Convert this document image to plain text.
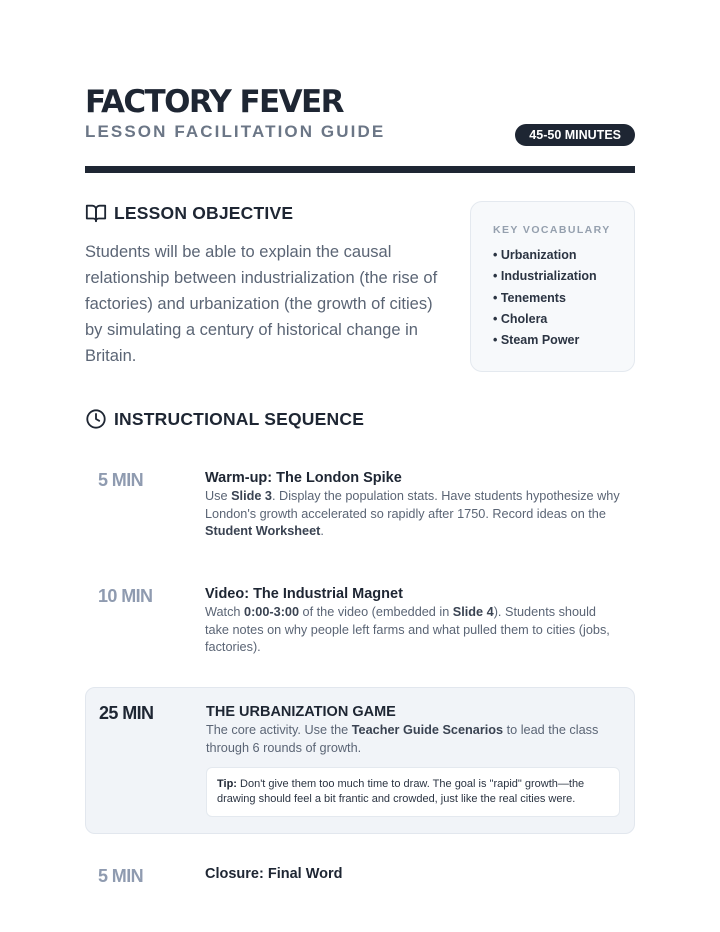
FACTORY FEVER
LESSON FACILITATION GUIDE	45-50 MINUTES
LESSON OBJECTIVE
Students will be able to explain the causal relationship between industrialization (the rise of factories) and urbanization (the growth of cities) by simulating a century of historical change in Britain.
KEY VOCABULARY
• Urbanization
• Industrialization
• Tenements
• Cholera
• Steam Power
INSTRUCTIONAL SEQUENCE
5 MIN	Warm-up: The London Spike
Use Slide 3. Display the population stats. Have students hypothesize why London's growth accelerated so rapidly after 1750. Record ideas on the Student Worksheet.
10 MIN	Video: The Industrial Magnet
Watch 0:00-3:00 of the video (embedded in Slide 4). Students should take notes on why people left farms and what pulled them to cities (jobs, factories).
25 MIN	THE URBANIZATION GAME
The core activity. Use the Teacher Guide Scenarios to lead the class through 6 rounds of growth.
Tip: Don't give them too much time to draw. The goal is "rapid" growth—the drawing should feel a bit frantic and crowded, just like the real cities were.
5 MIN	Closure: Final Word
